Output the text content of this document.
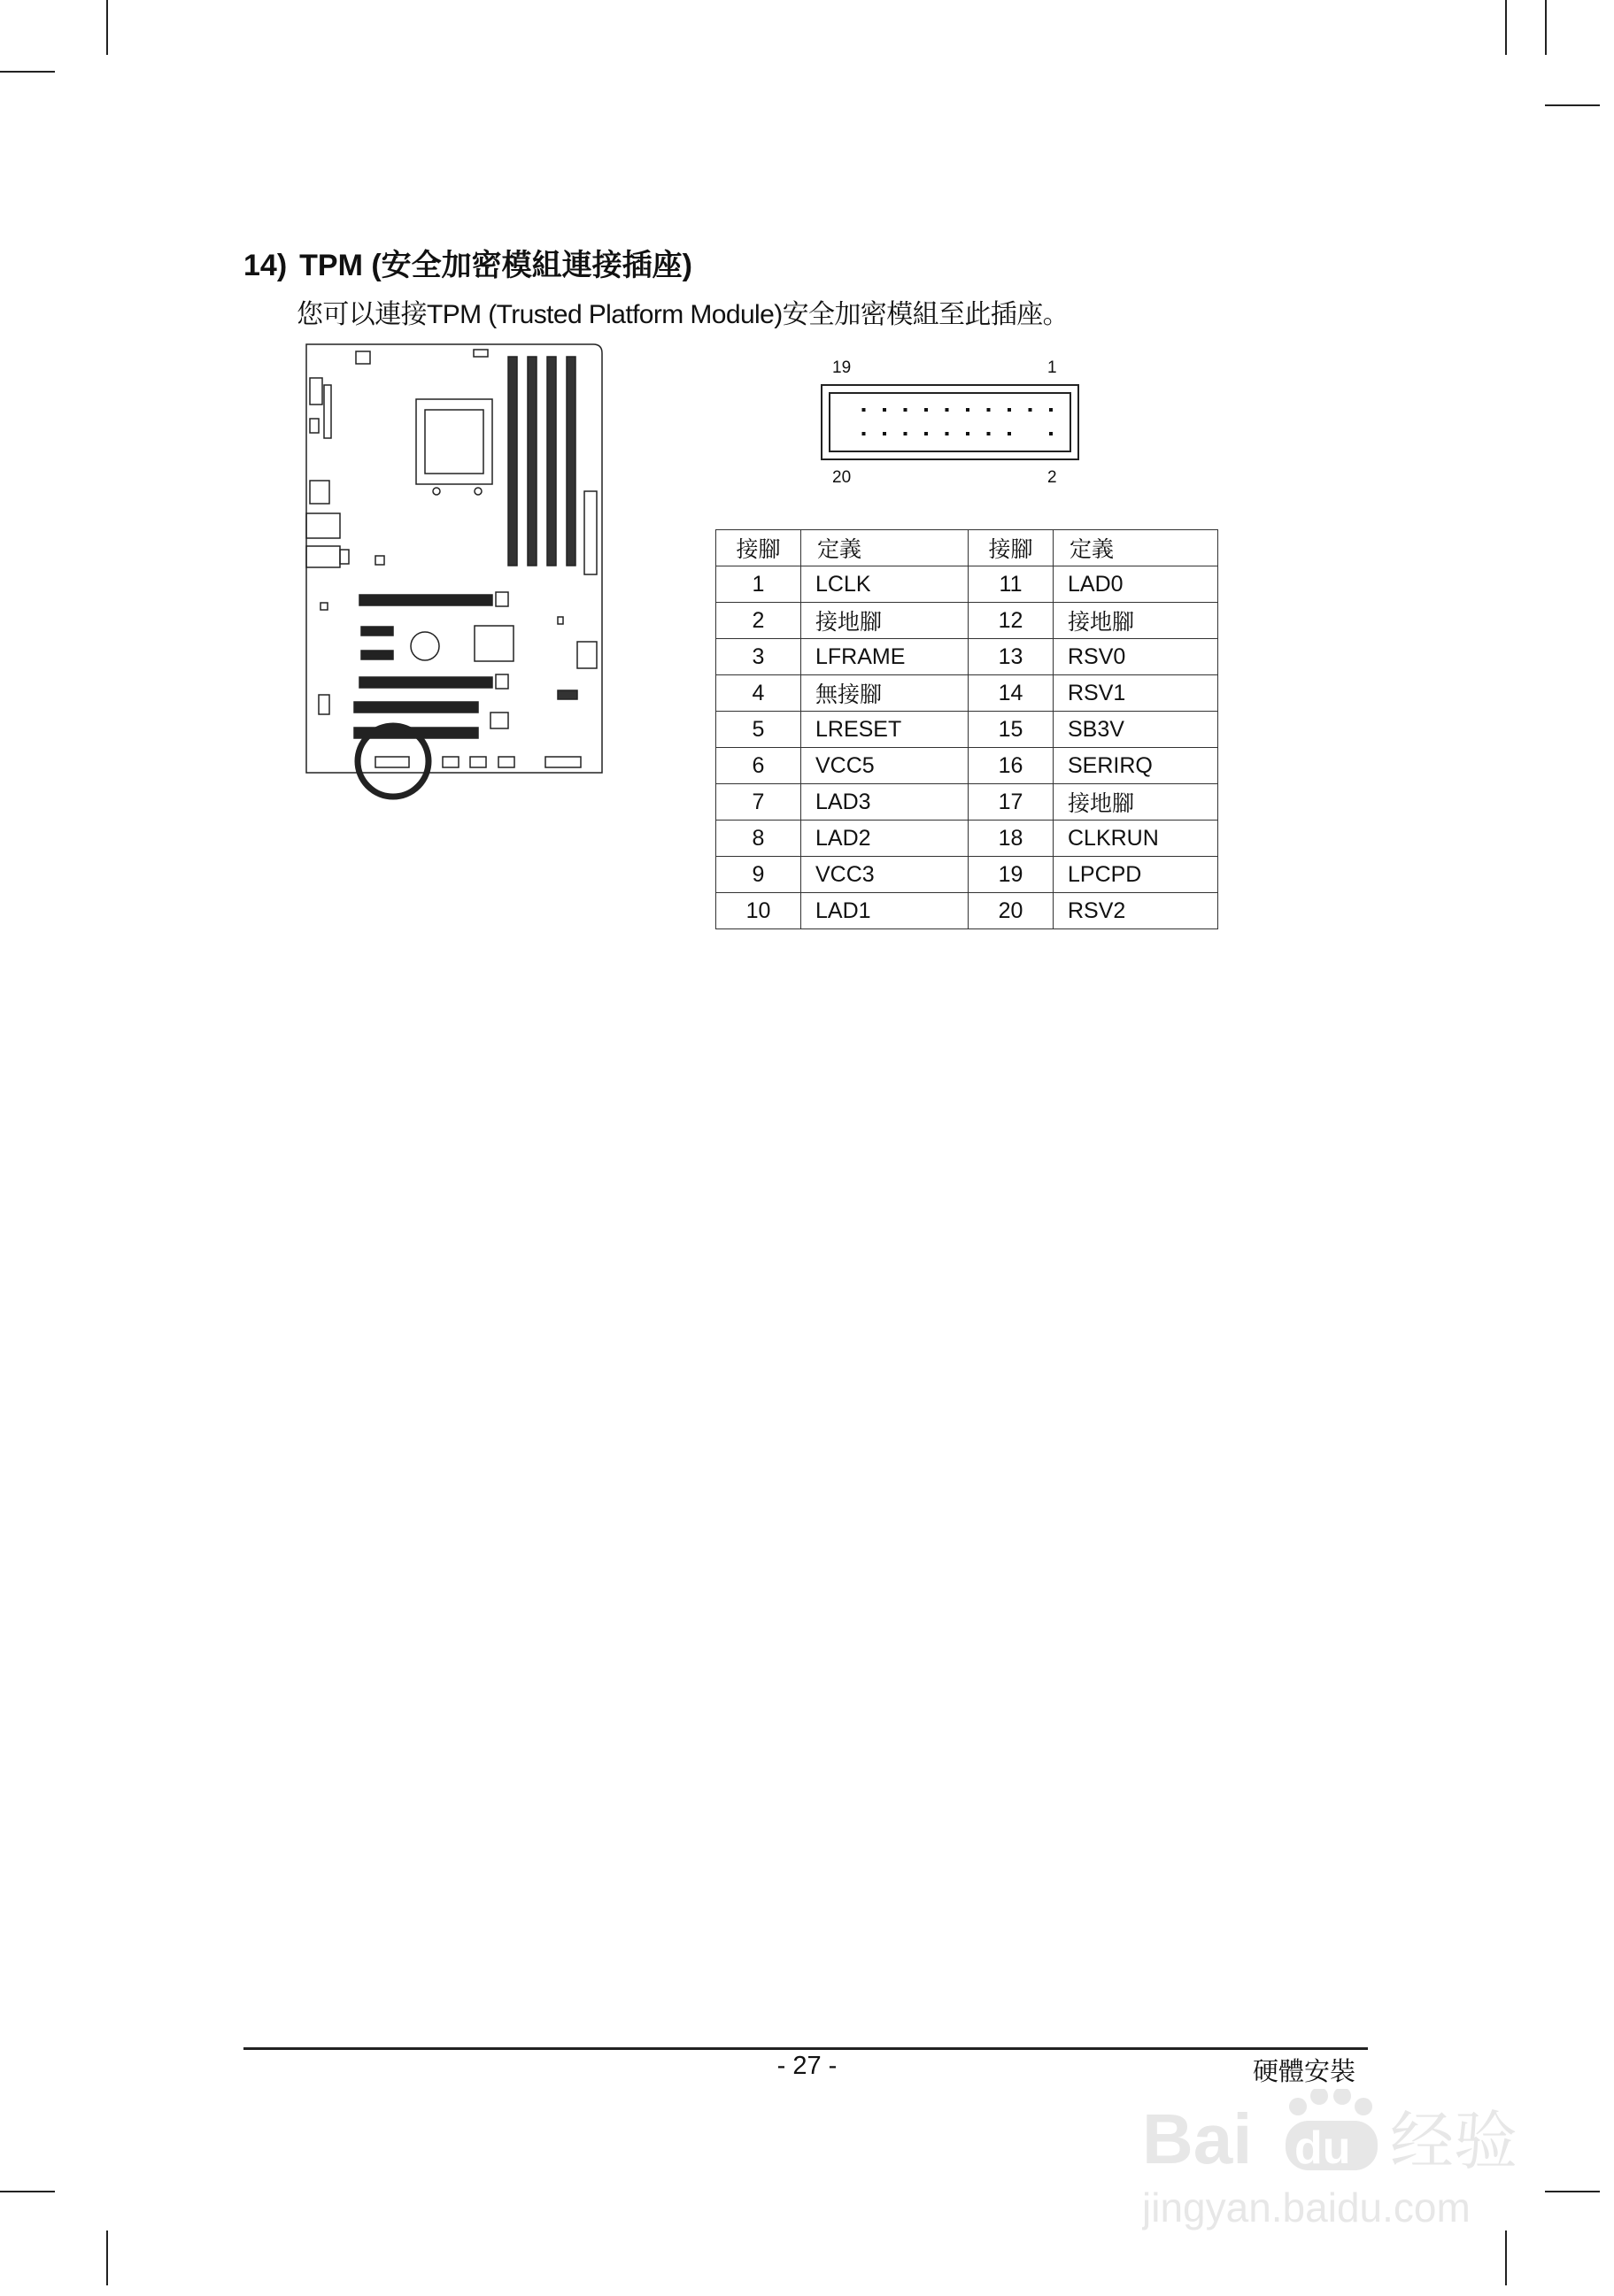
14) TPM (安全加密模組連接插座)
您可以連接TPM (Trusted Platform Module)安全加密模組至此插座。
19	1
20	2
接腳	定義	接腳	定義
1	LCLK	11	LAD0
2	接地腳	12	接地腳
3	LFRAME	13	RSV0
4	無接腳	14	RSV1
5	LRESET	15	SB3V
6	VCC5	16	SERIRQ
7	LAD3	17	接地腳
8	LAD2	18	CLKRUN
9	VCC3	19	LPCPD
10	LAD1	20	RSV2
- 27 -	硬體安裝
Bai du 经验
jingyan.baidu.com
